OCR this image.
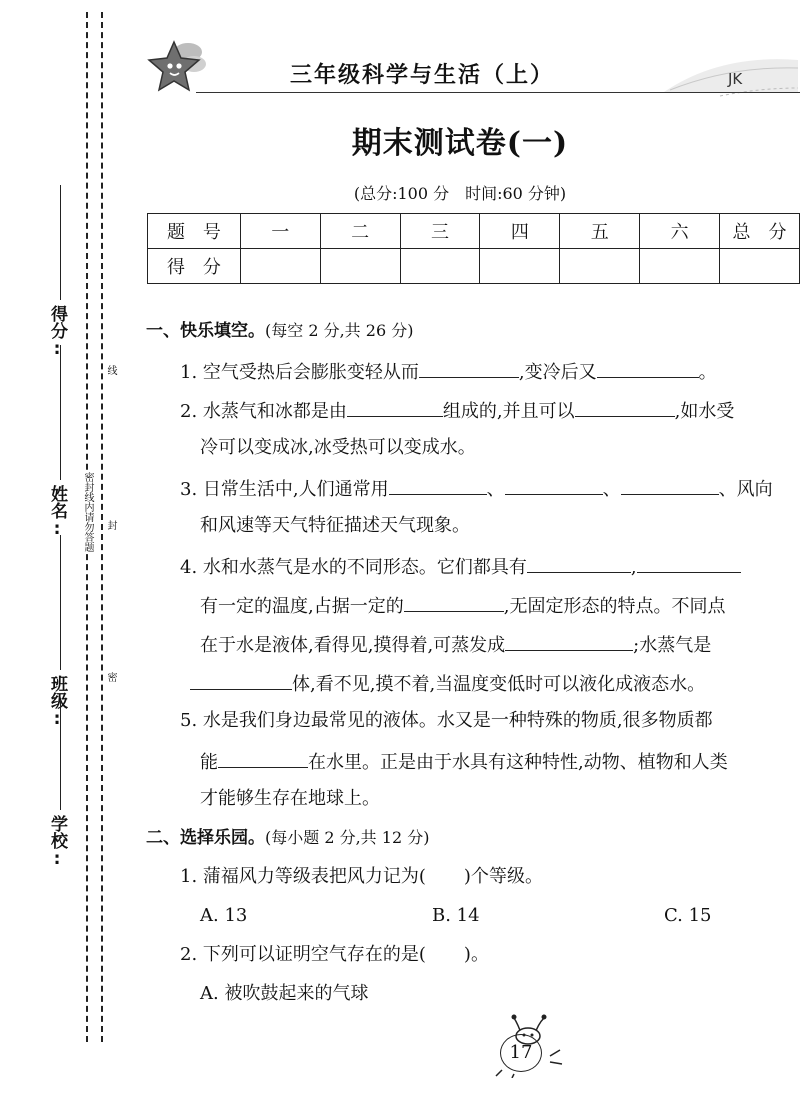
得分:
姓名:
班级:
学校:
线
密封线内请勿答题 封
密
三年级科学与生活（上）	JK
期末测试卷(一)
(总分:100 分　时间:60 分钟)
题　号	一	二	三	四	五	六	总　分
得　分							
一、快乐填空。(每空 2 分,共 26 分)
1. 空气受热后会膨胀变轻从而	,变冷后又	。
2. 水蒸气和冰都是由	组成的,并且可以	,如水受
冷可以变成冰,冰受热可以变成水。
3. 日常生活中,人们通常用	、	、	、风向
和风速等天气特征描述天气现象。
4. 水和水蒸气是水的不同形态。它们都具有	,
有一定的温度,占据一定的	,无固定形态的特点。不同点
在于水是液体,看得见,摸得着,可蒸发成	;水蒸气是
体,看不见,摸不着,当温度变低时可以液化成液态水。
5. 水是我们身边最常见的液体。水又是一种特殊的物质,很多物质都
能	在水里。正是由于水具有这种特性,动物、植物和人类
才能够生存在地球上。
二、选择乐园。(每小题 2 分,共 12 分)
1. 蒲福风力等级表把风力记为( )个等级。
A. 13	B. 14	C. 15
2. 下列可以证明空气存在的是( )。
A. 被吹鼓起来的气球
17
